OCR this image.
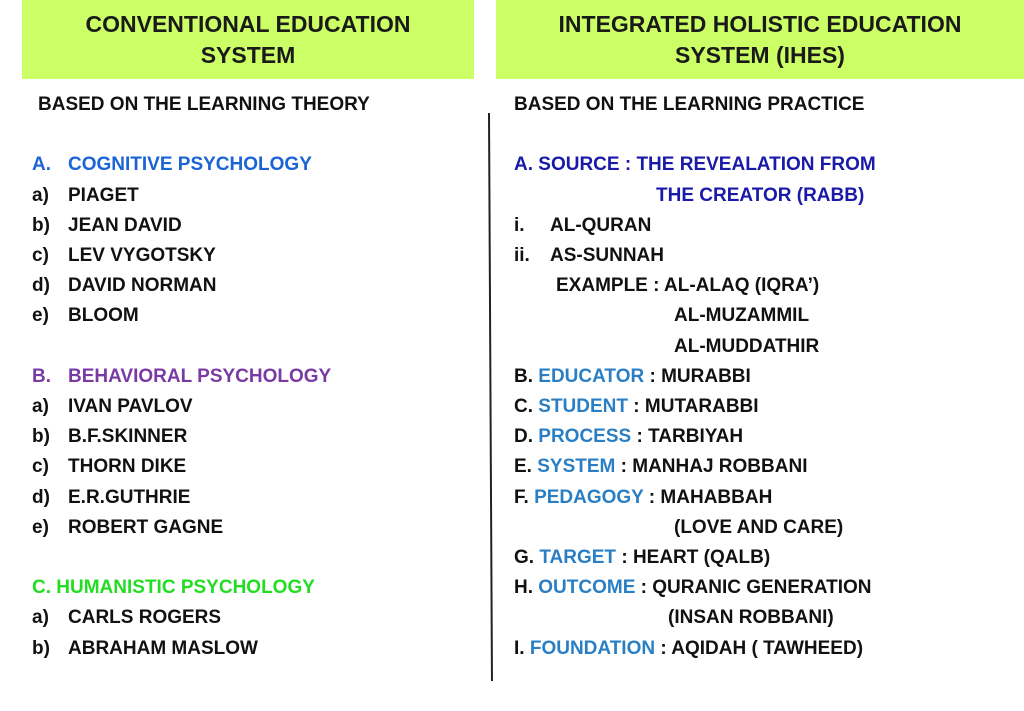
CONVENTIONAL EDUCATION
SYSTEM
INTEGRATED HOLISTIC EDUCATION
SYSTEM (IHES)
BASED ON THE LEARNING THEORY
A. COGNITIVE PSYCHOLOGY
a) PIAGET
b) JEAN DAVID
c) LEV VYGOTSKY
d) DAVID NORMAN
e) BLOOM
B. BEHAVIORAL PSYCHOLOGY
a) IVAN PAVLOV
b) B.F.SKINNER
c) THORN DIKE
d) E.R.GUTHRIE
e) ROBERT GAGNE
C. HUMANISTIC PSYCHOLOGY
a) CARLS ROGERS
b) ABRAHAM MASLOW
BASED ON THE LEARNING PRACTICE
A. SOURCE : THE REVEALATION FROM
THE CREATOR (RABB)
i. AL-QURAN
ii. AS-SUNNAH
EXAMPLE : AL-ALAQ (IQRA’)
AL-MUZAMMIL
AL-MUDDATHIR
B. EDUCATOR : MURABBI
C. STUDENT : MUTARABBI
D. PROCESS : TARBIYAH
E. SYSTEM : MANHAJ ROBBANI
F. PEDAGOGY : MAHABBAH
(LOVE AND CARE)
G. TARGET : HEART (QALB)
H. OUTCOME : QURANIC GENERATION
(INSAN ROBBANI)
I. FOUNDATION : AQIDAH ( TAWHEED)
